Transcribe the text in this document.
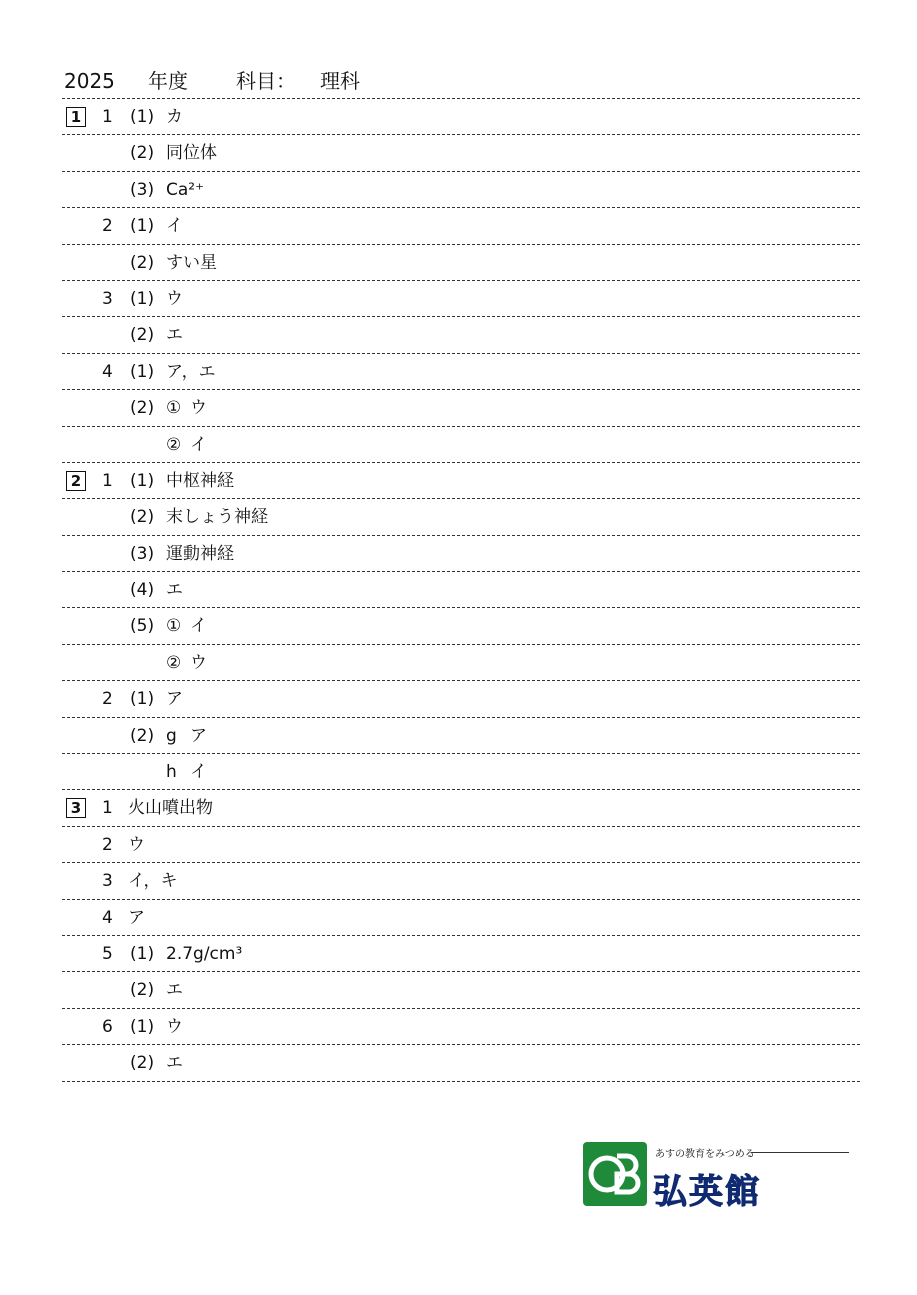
2025 年度 科目： 理科
1 1 (1) カ
(2) 同位体
(3) Ca²⁺
2 (1) イ
(2) すい星
3 (1) ウ
(2) エ
4 (1) ア，エ
(2) ① ウ
② イ
2 1 (1) 中枢神経
(2) 末しょう神経
(3) 運動神経
(4) エ
(5) ① イ
② ウ
2 (1) ア
(2) g ア
h イ
3 1 火山噴出物
2 ウ
3 イ，キ
4 ア
5 (1) 2.7g/cm³
(2) エ
6 (1) ウ
(2) エ
あすの教育をみつめる
弘英館
